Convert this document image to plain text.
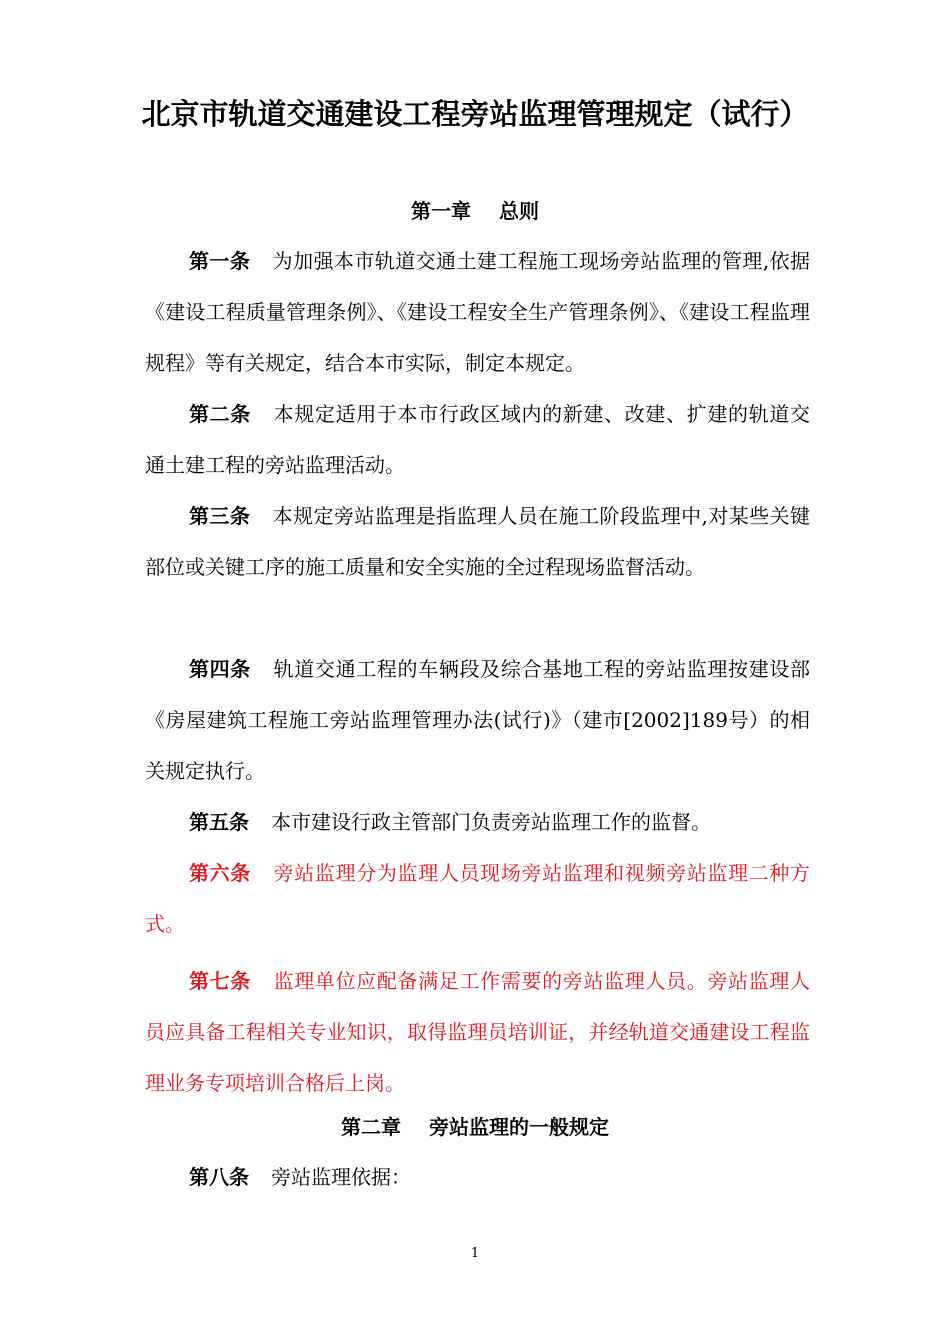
北京市轨道交通建设工程旁站监理管理规定（试行）
第一章 总则

第一条 为加强本市轨道交通土建工程施工现场旁站监理的管理,依据《建设工程质量管理条例》、《建设工程安全生产管理条例》、《建设工程监理规程》等有关规定，结合本市实际，制定本规定。

第二条 本规定适用于本市行政区域内的新建、改建、扩建的轨道交通土建工程的旁站监理活动。

第三条 本规定旁站监理是指监理人员在施工阶段监理中,对某些关键部位或关键工序的施工质量和安全实施的全过程现场监督活动。

第四条 轨道交通工程的车辆段及综合基地工程的旁站监理按建设部《房屋建筑工程施工旁站监理管理办法(试行)》（建市[2002]189号）的相关规定执行。

第五条 本市建设行政主管部门负责旁站监理工作的监督。

第六条 旁站监理分为监理人员现场旁站监理和视频旁站监理二种方式。

第七条 监理单位应配备满足工作需要的旁站监理人员。旁站监理人员应具备工程相关专业知识，取得监理员培训证，并经轨道交通建设工程监理业务专项培训合格后上岗。

第二章 旁站监理的一般规定

第八条 旁站监理依据：

1
